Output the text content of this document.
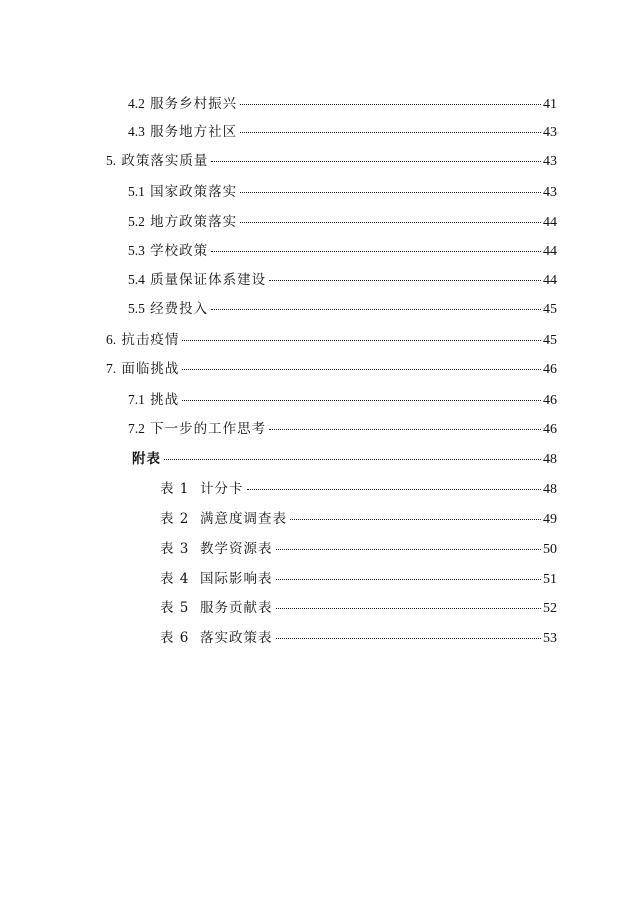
4.2 服务乡村振兴	41
4.3 服务地方社区	43
5. 政策落实质量	43
5.1 国家政策落实	43
5.2 地方政策落实	44
5.3 学校政策	44
5.4 质量保证体系建设	44
5.5 经费投入	45
6. 抗击疫情	45
7. 面临挑战	46
7.1 挑战	46
7.2 下一步的工作思考	46
附表	48
表 1 计分卡	48
表 2 满意度调查表	49
表 3 教学资源表	50
表 4 国际影响表	51
表 5 服务贡献表	52
表 6 落实政策表	53
